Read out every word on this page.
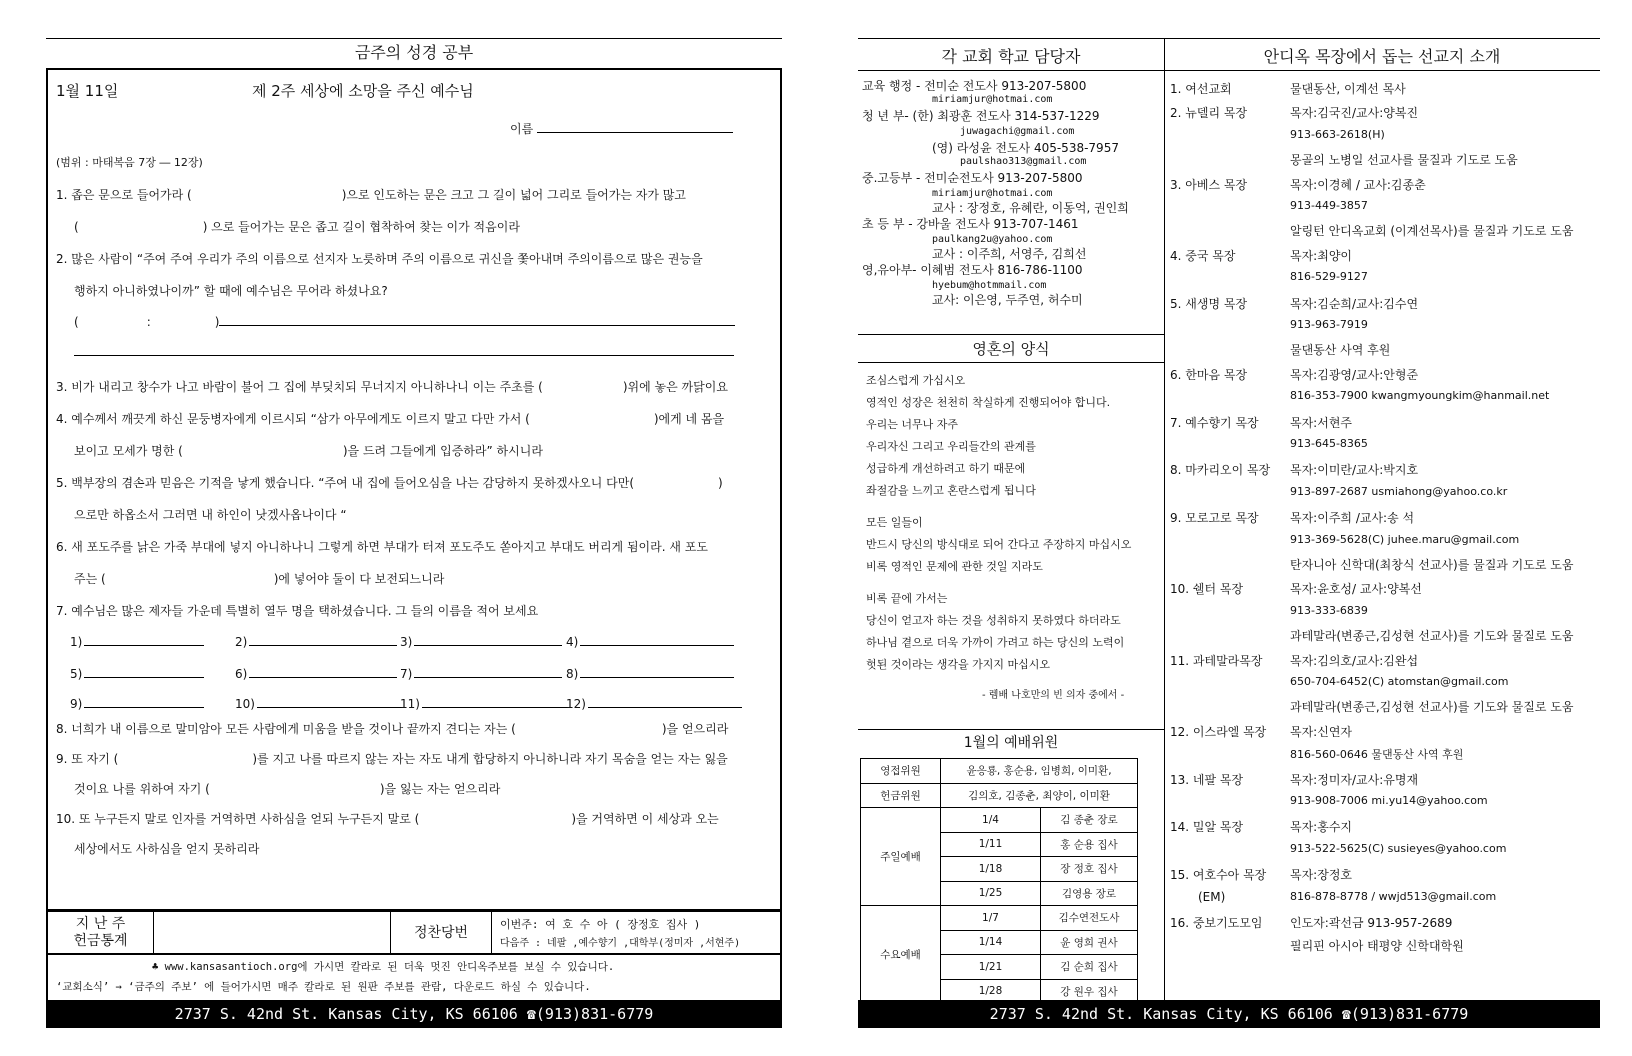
금주의 성경 공부
1월 11일	제 2주 세상에 소망을 주신 예수님
이름
(범위 : 마태복음 7장 ― 12장)
1. 좁은 문으로 들어가라 (	)으로 인도하는 문은 크고 그 길이 넓어 그리로 들어가는 자가 많고
(	) 으로 들어가는 문은 좁고 길이 협착하여 찾는 이가 적음이라
2. 많은 사람이 “주여 주여 우리가 주의 이름으로 선지자 노릇하며 주의 이름으로 귀신을 쫓아내며 주의이름으로 많은 권능을
행하지 아니하였나이까” 할 때에 예수님은 무어라 하셨나요?
(	:	)
3. 비가 내리고 창수가 나고 바람이 불어 그 집에 부딪치되 무너지지 아니하나니 이는 주초를 (	)위에 놓은 까닭이요
4. 예수께서 깨끗게 하신 문둥병자에게 이르시되 “삼가 아무에게도 이르지 말고 다만 가서 (	)에게 네 몸을
보이고 모세가 명한 (	)을 드려 그들에게 입증하라” 하시니라
5. 백부장의 겸손과 믿음은 기적을 낳게 했습니다. “주여 내 집에 들어오심을 나는 감당하지 못하겠사오니 다만(	)
으로만 하옵소서 그러면 내 하인이 낫겠사옵나이다 “
6. 새 포도주를 낡은 가죽 부대에 넣지 아니하나니 그렇게 하면 부대가 터져 포도주도 쏟아지고 부대도 버리게 됨이라. 새 포도
주는 (	)에 넣어야 둘이 다 보전되느니라
7. 예수님은 많은 제자들 가운데 특별히 열두 명을 택하셨습니다. 그 들의 이름을 적어 보세요
1)	2)	3)	4)
5)	6)	7)	8)
9)	10)	11)	12)
8. 너희가 내 이름으로 말미암아 모든 사람에게 미움을 받을 것이나 끝까지 견디는 자는 (	)을 얻으리라
9. 또 자기 (	)를 지고 나를 따르지 않는 자는 자도 내게 합당하지 아니하니라 자기 목숨을 얻는 자는 잃을
것이요 나를 위하여 자기 (	)을 잃는 자는 얻으리라
10. 또 누구든지 말로 인자를 거역하면 사하심을 얻되 누구든지 말로 (	)을 거역하면 이 세상과 오는
세상에서도 사하심을 얻지 못하리라
지 난 주
헌금통계	정찬당번
이번주: 여 호 수 아 ( 장정호 집사 )
다음주 : 네팔 ,예수향기 ,대학부(정미자 ,서현주)
♣ www.kansasantioch.org에 가시면 칼라로 된 더욱 멋진 안디옥주보를 보실 수 있습니다.
‘교회소식’ → ‘금주의 주보’ 에 들어가시면 매주 칼라로 된 원판 주보를 관람, 다운로드 하실 수 있습니다.
2737 S. 42nd St. Kansas City, KS 66106 ☎(913)831-6779
각 교회 학교 담당자	안디옥 목장에서 돕는 선교지 소개
교육 행정 - 전미순 전도사 913-207-5800
miriamjur@hotmai.com
청 년 부- (한) 최광훈 전도사 314-537-1229
juwagachi@gmail.com
(영) 라성윤 전도사 405-538-7957
paulshao313@gmail.com
중.고등부 - 전미순전도사 913-207-5800
miriamjur@hotmai.com
교사 : 장정호, 유혜란, 이동억, 권인희
초 등 부 - 강바울 전도사 913-707-1461
paulkang2u@yahoo.com
교사 : 이주희, 서영주, 김희선
영,유아부- 이혜범 전도사 816-786-1100
hyebum@hotmmail.com
교사: 이은영, 두주연, 허수미
영혼의 양식
조심스럽게 가십시오
영적인 성장은 천천히 착실하게 진행되어야 합니다.
우리는 너무나 자주
우리자신 그리고 우리들간의 관계를
성급하게 개선하려고 하기 때문에
좌절감을 느끼고 혼란스럽게 됩니다
모든 일들이
반드시 당신의 방식대로 되어 간다고 주장하지 마십시오
비록 영적인 문제에 관한 것일 지라도
비록 끝에 가서는
당신이 얻고자 하는 것을 성취하지 못하였다 하더라도
하나님 곁으로 더욱 가까이 가려고 하는 당신의 노력이
헛된 것이라는 생각을 가지지 마십시오
- 렘배 나호만의 빈 의자 중에서 -
1월의 예배위원
영접위원	윤응룡, 홍순용, 임병희, 이미환,	
헌금위원	김의호, 김종춘, 최양이, 이미환	
주일예배	1/4	김 종춘 장로
	1/11	홍 순용 집사
	1/18	장 정호 집사
	1/25	김영용 장로
수요예배	1/7	김수연전도사
	1/14	윤 영희 권사
	1/21	김 순희 집사
	1/28	강 원우 집사
1. 여선교회	물댄동산, 이계선 목사
2. 뉴델리 목장	목자:김국진/교사:양복진
913-663-2618(H)
몽골의 노병일 선교사를 물질과 기도로 도움
3. 아베스 목장	목자:이경혜 / 교사:김종춘
913-449-3857
알링턴 안디옥교회 (이계선목사)를 물질과 기도로 도움
4. 중국 목장	목자:최양이
816-529-9127
5. 새생명 목장	목자:김순희/교사:김수연
913-963-7919
물댄동산 사역 후원
6. 한마음 목장	목자:김광영/교사:안형준
816-353-7900 kwangmyoungkim@hanmail.net
7. 예수향기 목장	목자:서현주
913-645-8365
8. 마카리오이 목장 목자:이미란/교사:박지호
913-897-2687 usmiahong@yahoo.co.kr
9. 모로고로 목장	목자:이주희 /교사:송 석
913-369-5628(C) juhee.maru@gmail.com
탄자니아 신학대(최창식 선교사)를 물질과 기도로 도움
10. 쉘터 목장	목자:윤호성/ 교사:양복선
913-333-6839
과테말라(변종근,김성현 선교사)를 기도와 물질로 도움
11. 과테말라목장 목자:김의호/교사:김완섭
650-704-6452(C) atomstan@gmail.com
과테말라(변종근,김성현 선교사)를 기도와 물질로 도움
12. 이스라엘 목장 목자:신연자
816-560-0646 물댄동산 사역 후원
13. 네팔 목장	목자:정미자/교사:유명재
913-908-7006 mi.yu14@yahoo.com
14. 밀알 목장	목자:홍수지
913-522-5625(C) susieyes@yahoo.com
15. 여호수아 목장
(EM)
목자:장정호
816-878-8778 / wwjd513@gmail.com
16. 중보기도모임 인도자:곽선금 913-957-2689
필리핀 아시아 태평양 신학대학원
2737 S. 42nd St. Kansas City, KS 66106 ☎(913)831-6779
